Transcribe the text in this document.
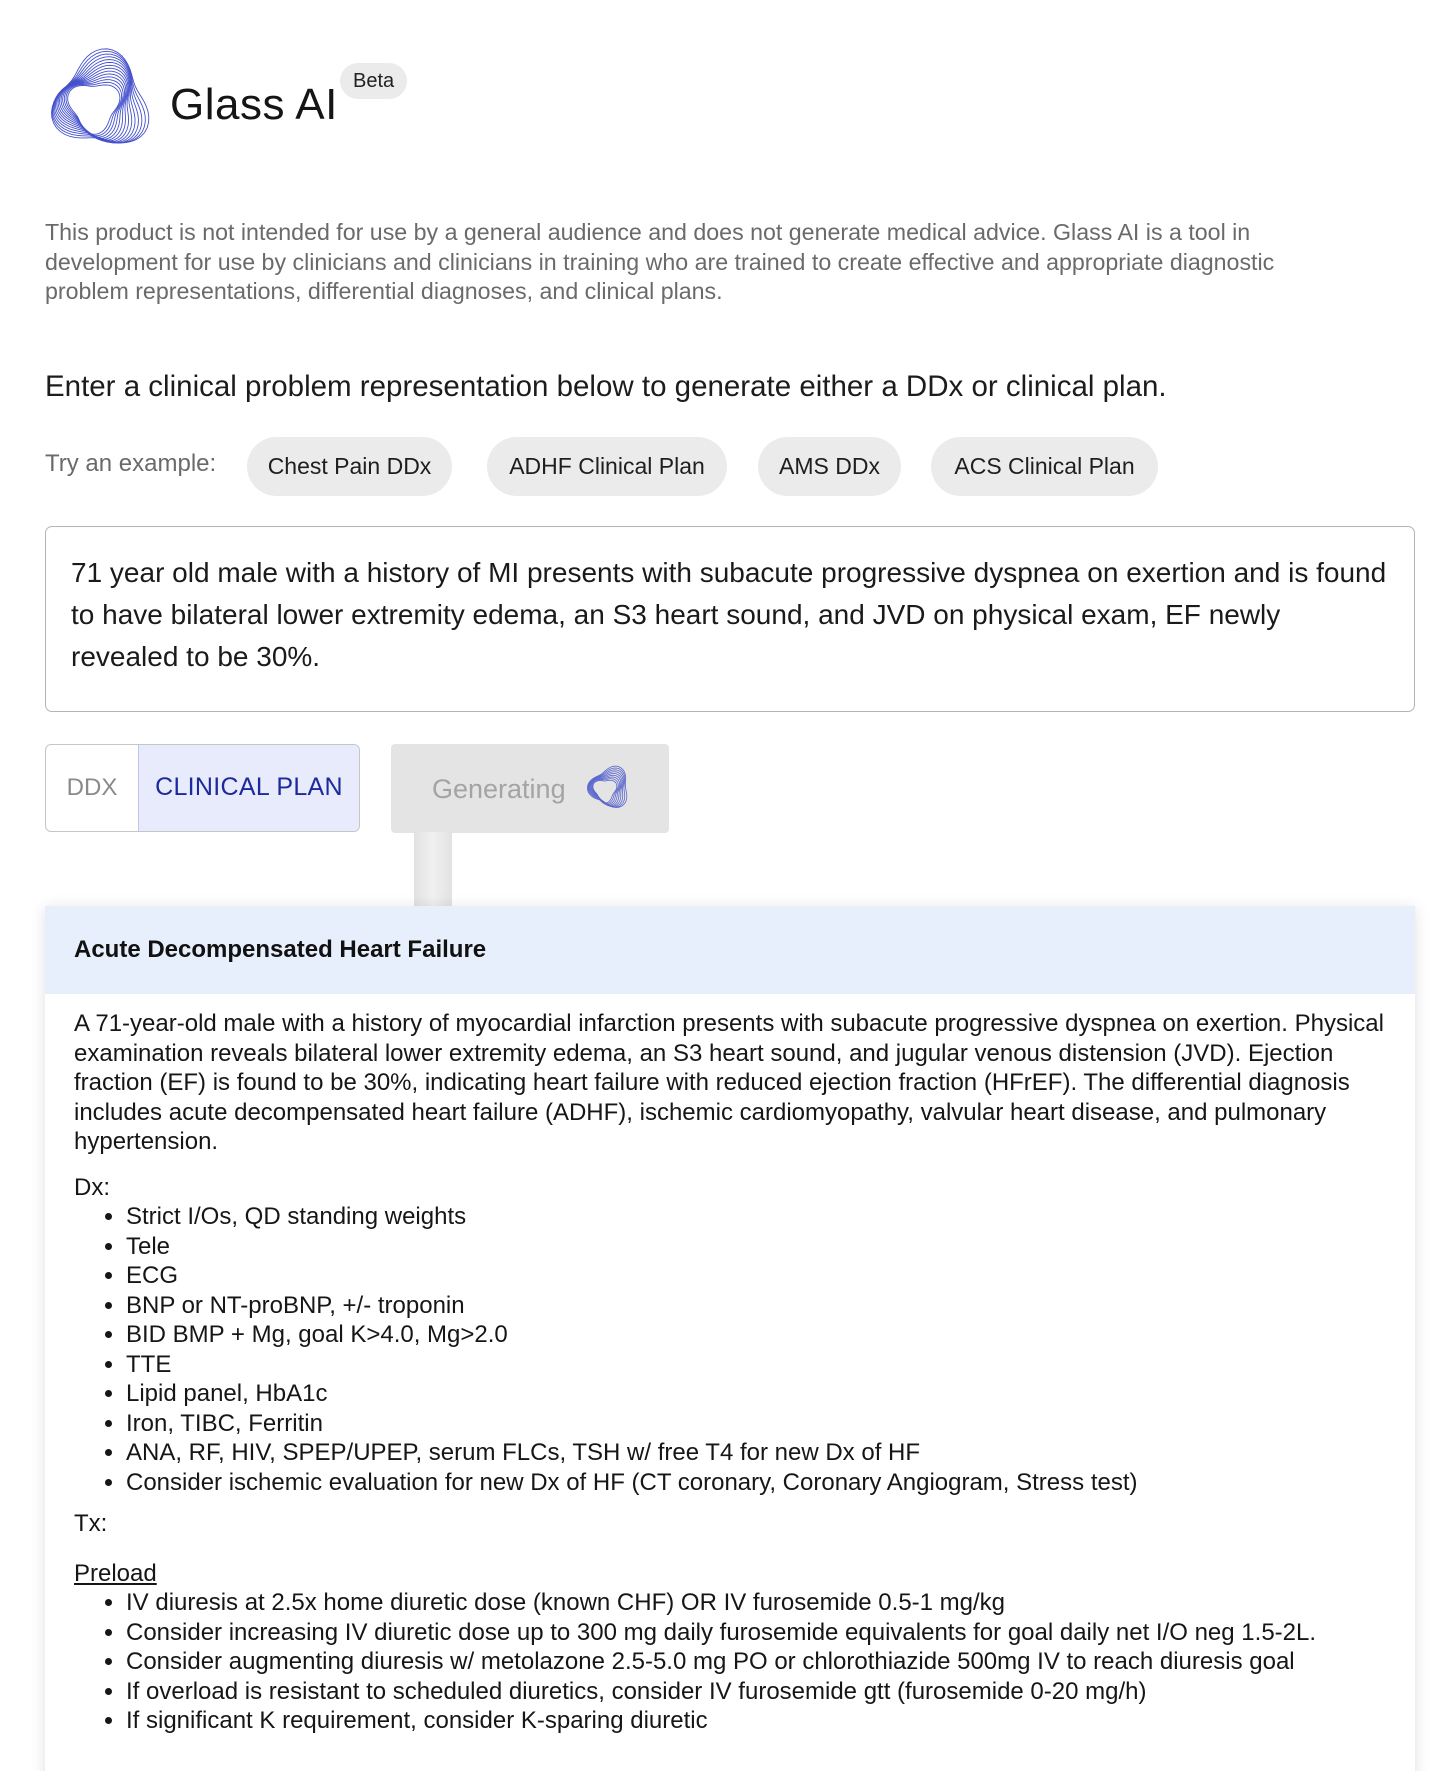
Glass AI Beta
This product is not intended for use by a general audience and does not generate medical advice. Glass AI is a tool in development for use by clinicians and clinicians in training who are trained to create effective and appropriate diagnostic problem representations, differential diagnoses, and clinical plans.
Enter a clinical problem representation below to generate either a DDx or clinical plan.
Try an example:	Chest Pain DDx	ADHF Clinical Plan	AMS DDx	ACS Clinical Plan
71 year old male with a history of MI presents with subacute progressive dyspnea on exertion and is found to have bilateral lower extremity edema, an S3 heart sound, and JVD on physical exam, EF newly revealed to be 30%.
DDX	CLINICAL PLAN	Generating
Acute Decompensated Heart Failure

A 71-year-old male with a history of myocardial infarction presents with subacute progressive dyspnea on exertion. Physical examination reveals bilateral lower extremity edema, an S3 heart sound, and jugular venous distension (JVD). Ejection fraction (EF) is found to be 30%, indicating heart failure with reduced ejection fraction (HFrEF). The differential diagnosis includes acute decompensated heart failure (ADHF), ischemic cardiomyopathy, valvular heart disease, and pulmonary hypertension.

Dx:

• Strict I/Os, QD standing weights
• Tele
• ECG
• BNP or NT-proBNP, +/- troponin
• BID BMP + Mg, goal K>4.0, Mg>2.0
• TTE
• Lipid panel, HbA1c
• Iron, TIBC, Ferritin
• ANA, RF, HIV, SPEP/UPEP, serum FLCs, TSH w/ free T4 for new Dx of HF
• Consider ischemic evaluation for new Dx of HF (CT coronary, Coronary Angiogram, Stress test)

Tx:

Preload

• IV diuresis at 2.5x home diuretic dose (known CHF) OR IV furosemide 0.5-1 mg/kg
• Consider increasing IV diuretic dose up to 300 mg daily furosemide equivalents for goal daily net I/O neg 1.5-2L.
• Consider augmenting diuresis w/ metolazone 2.5-5.0 mg PO or chlorothiazide 500mg IV to reach diuresis goal
• If overload is resistant to scheduled diuretics, consider IV furosemide gtt (furosemide 0-20 mg/h)
• If significant K requirement, consider K-sparing diuretic
